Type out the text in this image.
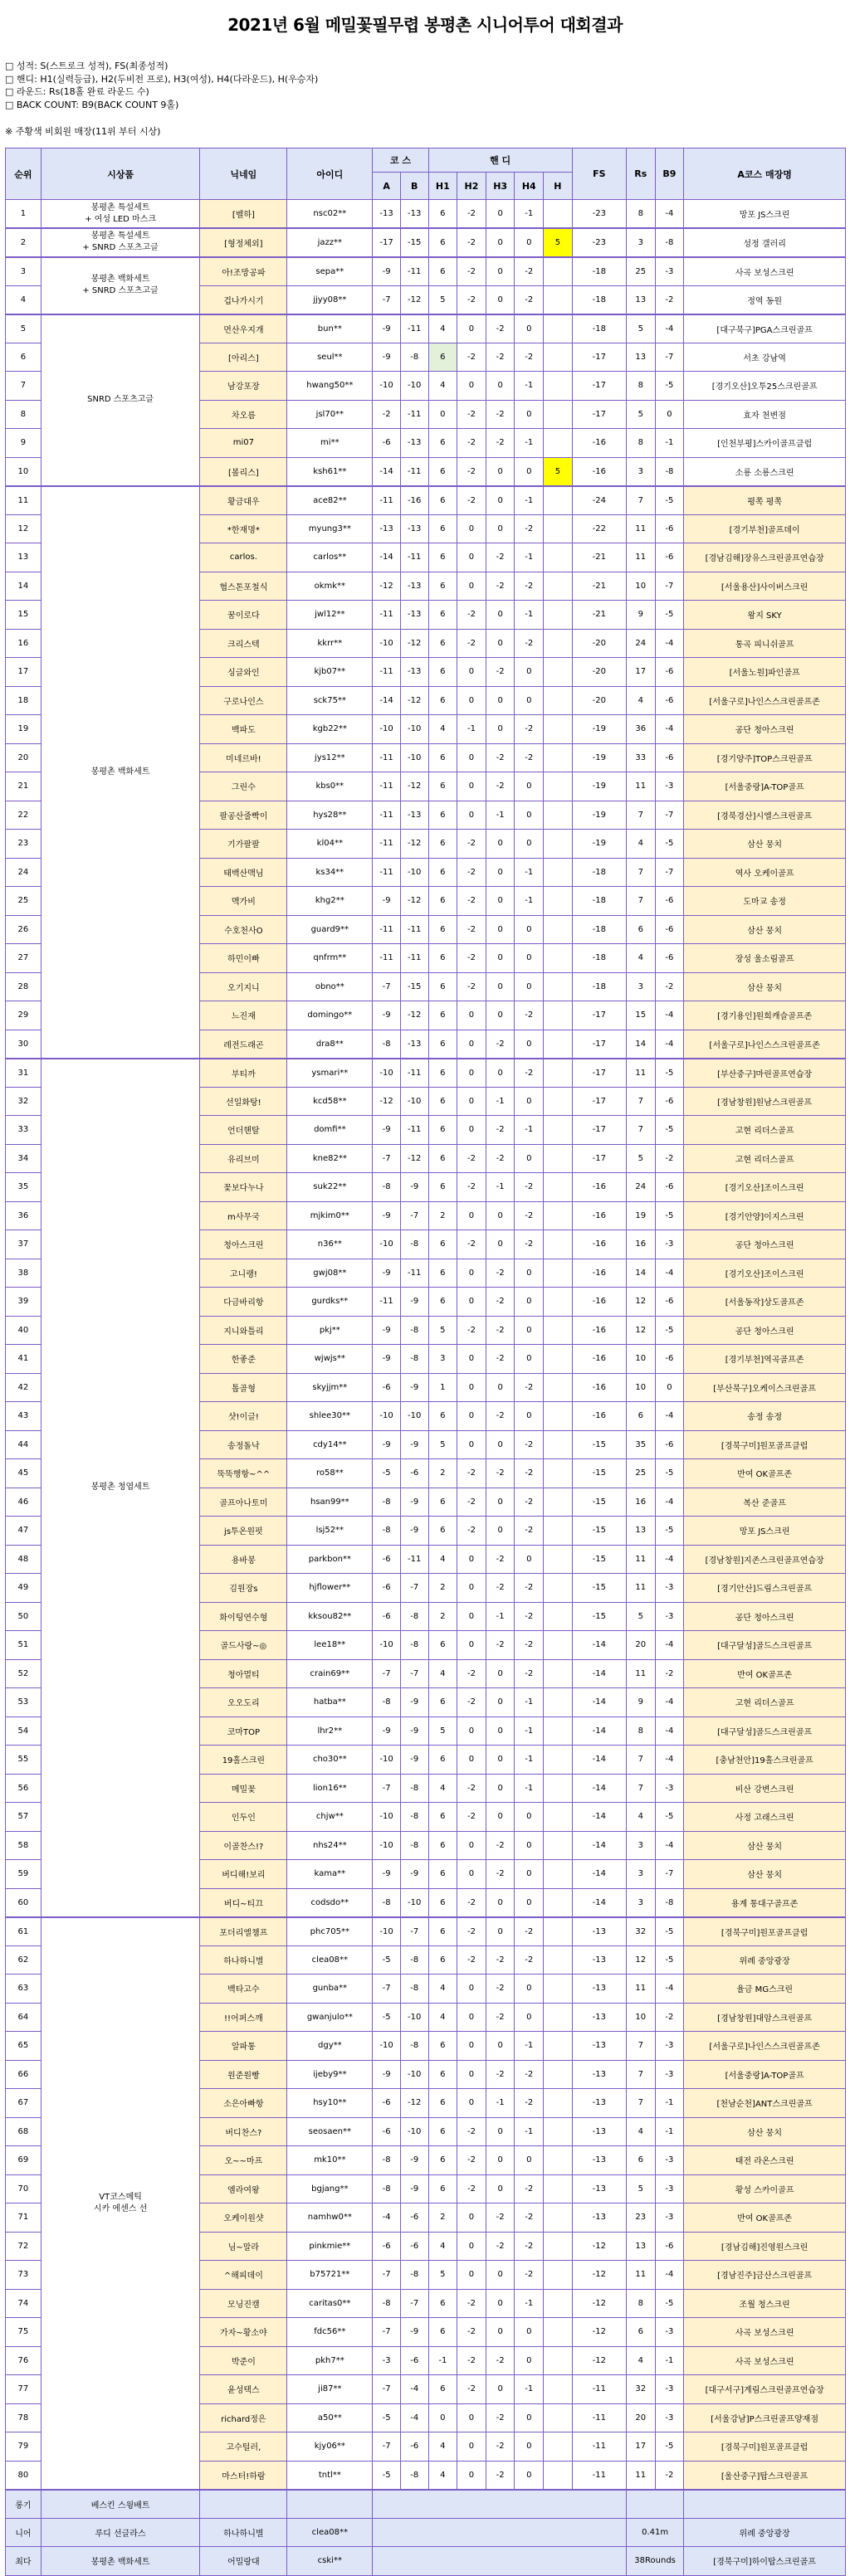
2021년 6월 메밀꽃필무렵 봉평촌 시니어투어 대회결과
□ 성적: S(스트로크 성적), FS(최종성적)
□ 핸디: H1(실력등급), H2(두비전 프로), H3(여성), H4(다라운드), H(우승자)
□ 라운드: Rs(18홀 완료 라운드 수)
□ BACK COUNT: B9(BACK COUNT 9홀)
※ 주황색 비회원 매장(11위 부터 시상)
순위	시상품	닉네임	아이디	코 스		핸 디					FS	Rs	B9	A코스 매장명
				A	B	H1	H2	H3	H4	H				
1	봉평촌 특설세트
+ 여성 LED 마스크	[벨하]	nsc02**	-13	-13	6	-2	0	-1		-23	8	-4	망포 JS스크린
2	봉평촌 특설세트
+ SNRD 스포츠고글	[형정체외]	jazz**	-17	-15	6	-2	0	0	5	-23	3	-8	성정 갤러리
3	봉평촌 백화세트
+ SNRD 스포츠고글	아!조망공파	sepa**	-9	-11	6	-2	0	-2		-18	25	-3	사곡 보성스크린
4		겁나가시기	jjyy08**	-7	-12	5	-2	0	-2		-18	13	-2	정역 동원
5	SNRD 스포츠고글	먼산우지개	bun**	-9	-11	4	0	-2	0		-18	5	-4	[대구북구]PGA스크린골프
6		[아리스]	seul**	-9	-8	6	-2	-2	-2		-17	13	-7	서초 강남역
7		남강포장	hwang50**	-10	-10	4	0	0	-1		-17	8	-5	[경기오산]오투25스크린골프
8		차오름	jsl70**	-2	-11	0	-2	-2	0		-17	5	0	효자 천변점
9		mi07	mi**	-6	-13	6	-2	-2	-1		-16	8	-1	[인천부평]스카이골프클럽
10		[볼리스]	ksh61**	-14	-11	6	-2	0	0	5	-16	3	-8	소룡 소룡스크린
11	봉평촌 백화세트	황금대우	ace82**	-11	-16	6	-2	0	-1		-24	7	-5	평쪽 평쪽
12		*한재명*	myung3**	-13	-13	6	0	0	-2		-22	11	-6	[경기부천]골프데이
13		carlos.	carlos**	-14	-11	6	0	-2	-1		-21	11	-6	[경남김해]장유스크린골프연습장
14		협스톤포철식	okmk**	-12	-13	6	0	-2	-2		-21	10	-7	[서울용산]사이버스크린
15		꿈이로다	jwl12**	-11	-13	6	-2	0	-1		-21	9	-5	왕지 SKY
16		크리스텍	kkrr**	-10	-12	6	-2	0	-2		-20	24	-4	통곡 피니쉬골프
17		싱글와인	kjb07**	-11	-13	6	0	-2	0		-20	17	-6	[서울노원]파인골프
18		구로나인스	sck75**	-14	-12	6	0	0	0		-20	4	-6	[서울구로]나인스스크린골프존
19		백파도	kgb22**	-10	-10	4	-1	0	-2		-19	36	-4	공단 청아스크린
20		미네르바!	jys12**	-11	-10	6	0	-2	-2		-19	33	-6	[경기양주]TOP스크린골프
21		그린수	kbs0**	-11	-12	6	0	-2	0		-19	11	-3	[서울중랑]A-TOP골프
22		팔공산줄빡이	hys28**	-11	-13	6	0	-1	0		-19	7	-7	[경북경산]시엘스크린골프
23		기가팔팔	kl04**	-11	-12	6	-2	0	0		-19	4	-5	삼산 뭉치
24		태백산맥님	ks34**	-11	-10	6	-2	0	-1		-18	7	-7	역사 오케이골프
25		맥가비	khg2**	-9	-12	6	-2	0	-1		-18	7	-6	도마교 송정
26		수호천사O	guard9**	-11	-11	6	-2	0	0		-18	6	-6	삼산 뭉치
27		하민이빠	qnfrm**	-11	-11	6	-2	0	0		-18	4	-6	장성 울소림골프
28		오기지니	obno**	-7	-15	6	-2	0	0		-18	3	-2	삼산 뭉치
29		느진재	domingo**	-9	-12	6	0	0	-2		-17	15	-4	[경기용인]원희캐슬골프존
30		레전드래곤	dra8**	-8	-13	6	0	-2	0		-17	14	-4	[서울구로]나인스스크린골프존
31	봉평촌 청엽세트	부티까	ysmari**	-10	-11	6	0	0	-2		-17	11	-5	[부산중구]마린골프연습장
32		선일화탕!	kcd58**	-12	-10	6	0	-1	0		-17	7	-6	[경남창원]원남스크린골프
33		언더핸탈	domfi**	-9	-11	6	0	-2	-1		-17	7	-5	고현 리더스골프
34		유리브미	kne82**	-7	-12	6	-2	-2	0		-17	5	-2	고현 리더스골프
35		꽃보다누나	suk22**	-8	-9	6	-2	-1	-2		-16	24	-6	[경기오산]조이스크린
36		m사무국	mjkim0**	-9	-7	2	0	0	-2		-16	19	-5	[경기안양]이지스크린
37		청아스크린	n36**	-10	-8	6	-2	0	-2		-16	16	-3	공단 청아스크린
38		고니랭!	gwj08**	-9	-11	6	0	-2	0		-16	14	-4	[경기오산]조이스크린
39		다금바리항	gurdks**	-11	-9	6	0	-2	0		-16	12	-6	[서울동작]상도골프존
40		지니와틀리	pkj**	-9	-8	5	-2	-2	0		-16	12	-5	공단 청아스크린
41		한좋준	wjwjs**	-9	-8	3	0	-2	0		-16	10	-6	[경기부천]역곡골프존
42		톱골형	skyjjm**	-6	-9	1	0	0	-2		-16	10	0	[부산북구]오케이스크린골프
43		샷!이글!	shlee30**	-10	-10	6	0	-2	0		-16	6	-4	송정 송정
44		송정돌낙	cdy14**	-9	-9	5	0	0	-2		-15	35	-6	[경북구미]원포골프클럽
45		뚝뚝행항~^^	ro58**	-5	-6	2	-2	-2	-2		-15	25	-5	반여 OK골프존
46		골프아나토미	hsan99**	-8	-9	6	-2	0	-2		-15	16	-4	복산 준골프
47		js투온원펏	lsj52**	-8	-9	6	-2	0	-2		-15	13	-5	망포 JS스크린
48		용바봉	parkbon**	-6	-11	4	0	-2	0		-15	11	-4	[경남창원]지존스크린골프연습장
49		김원장s	hjflower**	-6	-7	2	0	-2	-2		-15	11	-3	[경기안산]드림스크린골프
50		화이팅연수형	kksou82**	-6	-8	2	0	-1	-2		-15	5	-3	공단 청아스크린
51		골드사랑~◎	lee18**	-10	-8	6	0	-2	-2		-14	20	-4	[대구달성]골드스크린골프
52		청아멀티	crain69**	-7	-7	4	-2	0	-2		-14	11	-2	반여 OK골프존
53		오오도리	hatba**	-8	-9	6	-2	0	-1		-14	9	-4	고현 리더스골프
54		코마TOP	lhr2**	-9	-9	5	0	0	-1		-14	8	-4	[대구달성]골드스크린골프
55		19홀스크린	cho30**	-10	-9	6	0	0	-1		-14	7	-4	[충남천안]19홀스크린골프
56		메밀꽃	lion16**	-7	-8	4	-2	0	-1		-14	7	-3	비산 강변스크린
57		인두인	chjw**	-10	-8	6	-2	0	0		-14	4	-5	사정 고래스크린
58		이골찬스!?	nhs24**	-10	-8	6	0	-2	0		-14	3	-4	삼산 뭉치
59		버디해!보리	kama**	-9	-9	6	0	-2	0		-14	3	-7	삼산 뭉치
60		버디~티끄	codsdo**	-8	-10	6	-2	0	0		-14	3	-8	용계 통대구골프존
61	VT코스메틱
시카 에센스 선	포더리엘챔프	phc705**	-10	-7	6	-2	0	-2		-13	32	-5	[경북구미]원포골프클럽
62		하나하니별	clea08**	-5	-8	6	-2	-2	-2		-13	12	-5	위례 중앙광장
63		백타고수	gunba**	-7	-8	4	0	-2	0		-13	11	-4	율금 MG스크린
64		!!어퍼스깨	gwanjulo**	-5	-10	4	0	-2	0		-13	10	-2	[경남창원]대암스크린골프
65		알파통	dgy**	-10	-8	6	0	0	-1		-13	7	-3	[서울구로]나인스스크린골프존
66		원준원빵	ijeby9**	-9	-10	6	0	-2	-2		-13	7	-3	[서울중랑]A-TOP골프
67		소은아빠항	hsy10**	-6	-12	6	0	-1	-2		-13	7	-1	[천남순천]ANT스크린골프
68		버디찬스?	seosaen**	-6	-10	6	-2	0	-1		-13	4	-1	삼산 뭉치
69		오~~마프	mk10**	-8	-9	6	-2	0	0		-13	6	-3	태전 라온스크린
70		엠라여왕	bgjang**	-8	-9	6	-2	0	-2		-13	5	-3	황성 스카이골프
71		오케이원샷	namhw0**	-4	-6	2	0	-2	-2		-13	23	-3	반여 OK골프존
72		님~말라	pinkmie**	-6	-6	4	0	-2	-2		-12	13	-6	[경남김해]진영원스크린
73		^해피데이	b75721**	-7	-8	5	0	0	-2		-12	11	-4	[경남진주]금산스크린골프
74		모닝진캠	caritas0**	-8	-7	6	-2	0	-1		-12	8	-5	조월 청스크린
75		가자~황소야	fdc56**	-7	-9	6	-2	0	0		-12	6	-3	사곡 보성스크린
76		박준이	pkh7**	-3	-6	-1	-2	-2	0		-12	4	-1	사곡 보성스크린
77		윤성택스	ji87**	-7	-4	6	-2	0	-1		-11	32	-3	[대구서구]계림스크린골프연습장
78		richard정은	a50**	-5	-4	0	0	-2	0		-11	20	-3	[서울강남]P스크린골프양재점
79		고수털러,	kjy06**	-7	-6	4	0	-2	0		-11	17	-5	[경북구미]원포골프클럽
80		마스터!하람	tntl**	-5	-8	4	0	-2	0		-11	11	-2	[울산중구]탑스크린골프
롱기	베스킨 스윙배트													
니어	루디 선글라스	하나하니별	clea08**									0.41m		위례 중앙광장
최다	봉평촌 백화세트	어밀랑대	cski**									38Rounds		[경북구미]하이탑스크린골프
